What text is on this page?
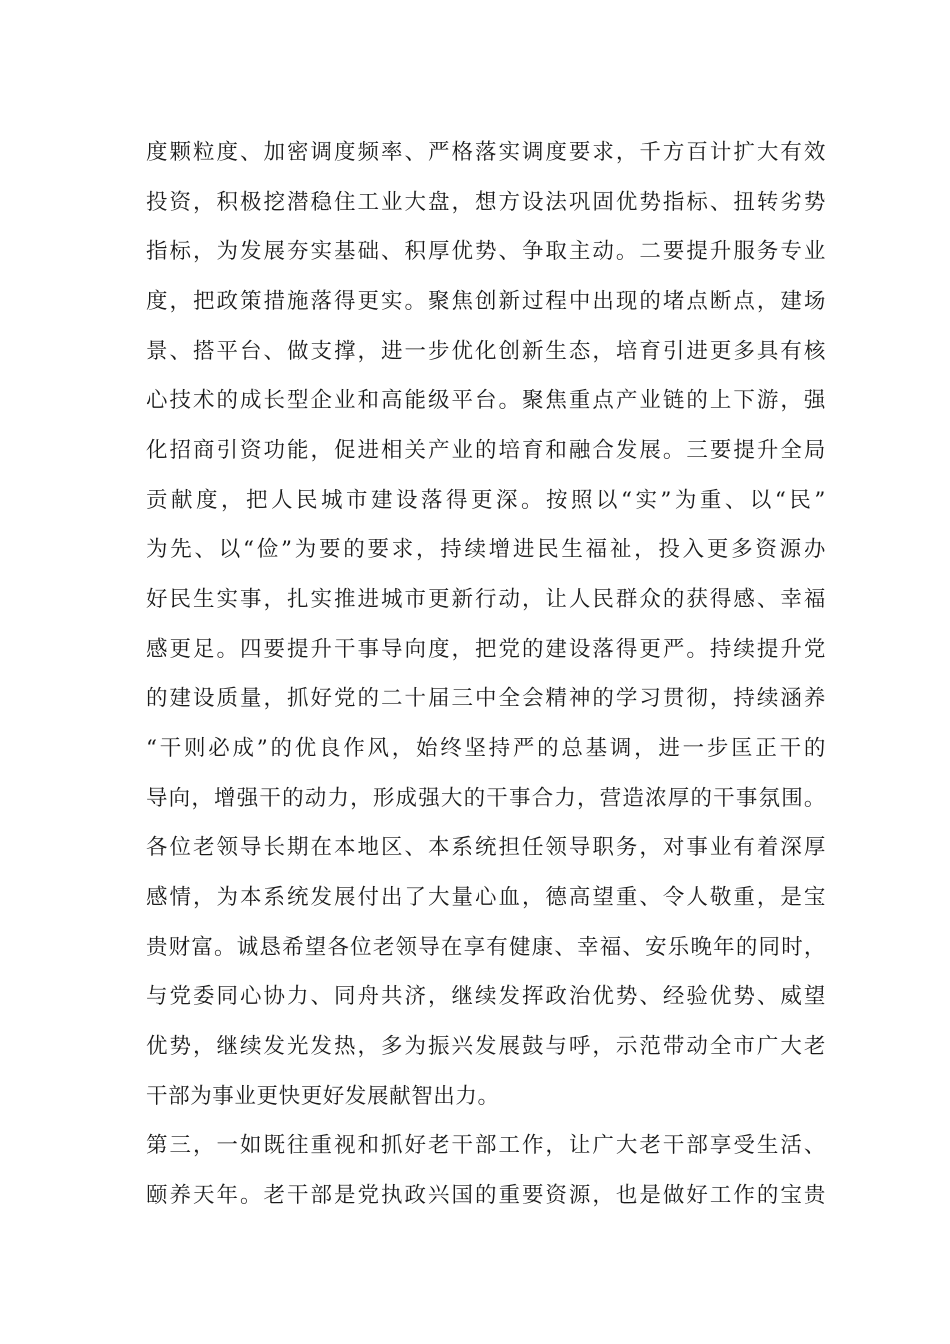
度颗粒度、加密调度频率、严格落实调度要求，千方百计扩大有效
投资，积极挖潜稳住工业大盘，想方设法巩固优势指标、扭转劣势
指标，为发展夯实基础、积厚优势、争取主动。二要提升服务专业
度，把政策措施落得更实。聚焦创新过程中出现的堵点断点，建场
景、搭平台、做支撑，进一步优化创新生态，培育引进更多具有核
心技术的成长型企业和高能级平台。聚焦重点产业链的上下游，强
化招商引资功能，促进相关产业的培育和融合发展。三要提升全局
贡献度，把人民城市建设落得更深。按照以“实”为重、以“民”
为先、以“俭”为要的要求，持续增进民生福祉，投入更多资源办
好民生实事，扎实推进城市更新行动，让人民群众的获得感、幸福
感更足。四要提升干事导向度，把党的建设落得更严。持续提升党
的建设质量，抓好党的二十届三中全会精神的学习贯彻，持续涵养
“干则必成”的优良作风，始终坚持严的总基调，进一步匡正干的
导向，增强干的动力，形成强大的干事合力，营造浓厚的干事氛围。
各位老领导长期在本地区、本系统担任领导职务，对事业有着深厚
感情，为本系统发展付出了大量心血，德高望重、令人敬重，是宝
贵财富。诚恳希望各位老领导在享有健康、幸福、安乐晚年的同时，
与党委同心协力、同舟共济，继续发挥政治优势、经验优势、威望
优势，继续发光发热，多为振兴发展鼓与呼，示范带动全市广大老
干部为事业更快更好发展献智出力。
第三，一如既往重视和抓好老干部工作，让广大老干部享受生活、
颐养天年。老干部是党执政兴国的重要资源，也是做好工作的宝贵
